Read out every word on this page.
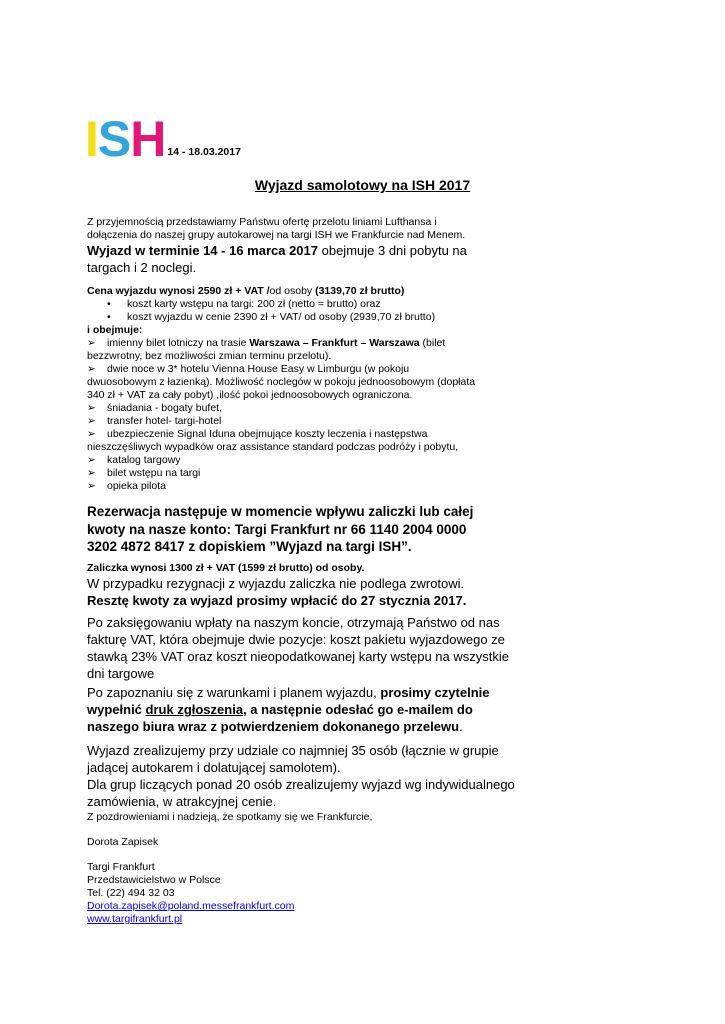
I S H 14 - 18.03.2017
Wyjazd samolotowy na ISH 2017
Z przyjemnością przedstawiamy Państwu ofertę przelotu liniami Lufthansa i
dołączenia do naszej grupy autokarowej na targi ISH we Frankfurcie nad Menem.
Wyjazd w terminie 14 - 16 marca 2017 obejmuje 3 dni pobytu na
targach i 2 noclegi.
Cena wyjazdu wynosi 2590 zł + VAT /od osoby (3139,70 zł brutto)
• koszt karty wstępu na targi: 200 zł (netto = brutto) oraz
• koszt wyjazdu w cenie 2390 zł + VAT/ od osoby (2939,70 zł brutto)
i obejmuje:
➢ imienny bilet lotniczy na trasie Warszawa – Frankfurt – Warszawa (bilet
bezzwrotny, bez możliwości zmian terminu przelotu).
➢ dwie noce w 3* hotelu Vienna House Easy w Limburgu (w pokoju
dwuosobowym z łazienką). Możliwość noclegów w pokoju jednoosobowym (dopłata
340 zł + VAT za cały pobyt) ,ilość pokoi jednoosobowych ograniczona.
➢ śniadania - bogaty bufet,
➢ transfer hotel- targi-hotel
➢ ubezpieczenie Signal Iduna obejmujące koszty leczenia i następstwa
nieszczęśliwych wypadków oraz assistance standard podczas podróży i pobytu,
➢ katalog targowy
➢ bilet wstępu na targi
➢ opieka pilota
Rezerwacja następuje w momencie wpływu zaliczki lub całej
kwoty na nasze konto: Targi Frankfurt nr 66 1140 2004 0000
3202 4872 8417 z dopiskiem ”Wyjazd na targi ISH”.
Zaliczka wynosi 1300 zł + VAT (1599 zł brutto) od osoby.
W przypadku rezygnacji z wyjazdu zaliczka nie podlega zwrotowi.
Resztę kwoty za wyjazd prosimy wpłacić do 27 stycznia 2017.
Po zaksięgowaniu wpłaty na naszym koncie, otrzymają Państwo od nas
fakturę VAT, która obejmuje dwie pozycje: koszt pakietu wyjazdowego ze
stawką 23% VAT oraz koszt nieopodatkowanej karty wstępu na wszystkie
dni targowe
Po zapoznaniu się z warunkami i planem wyjazdu, prosimy czytelnie
wypełnić druk zgłoszenia, a następnie odesłać go e-mailem do
naszego biura wraz z potwierdzeniem dokonanego przelewu.
Wyjazd zrealizujemy przy udziale co najmniej 35 osób (łącznie w grupie
jadącej autokarem i dolatującej samolotem).
Dla grup liczących ponad 20 osób zrealizujemy wyjazd wg indywidualnego
zamówienia, w atrakcyjnej cenie.
Z pozdrowieniami i nadzieją, że spotkamy się we Frankfurcie,
Dorota Zapisek
Targi Frankfurt
Przedstawicielstwo w Polsce
Tel. (22) 494 32 03
Dorota.zapisek@poland.messefrankfurt.com
www.targifrankfurt.pl
